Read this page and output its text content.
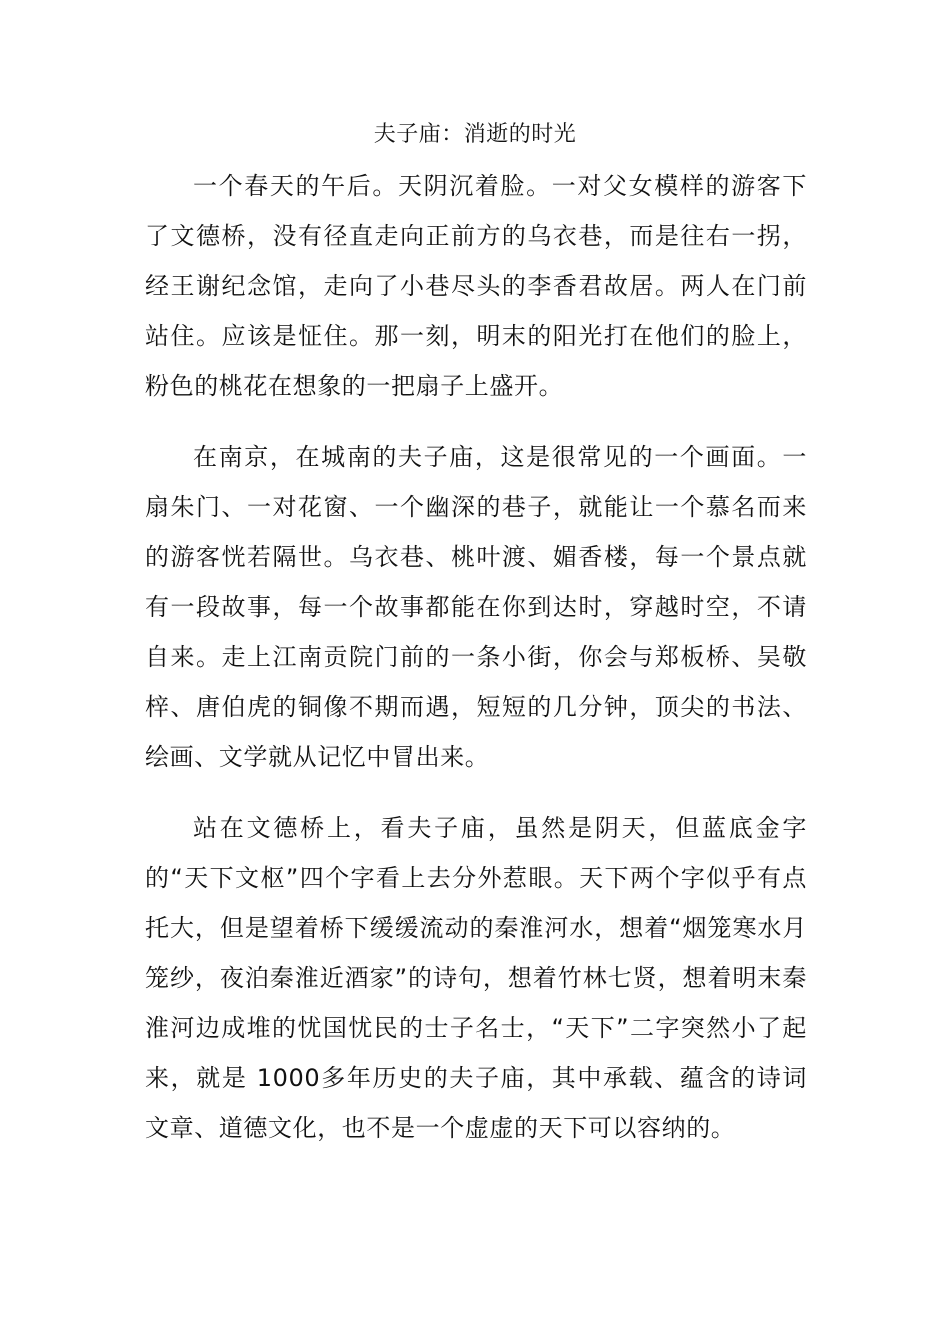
夫子庙：消逝的时光

一个春天的午后。天阴沉着脸。一对父女模样的游客下了文德桥，没有径直走向正前方的乌衣巷，而是往右一拐，经王谢纪念馆，走向了小巷尽头的李香君故居。两人在门前站住。应该是怔住。那一刻，明末的阳光打在他们的脸上，粉色的桃花在想象的一把扇子上盛开。

在南京，在城南的夫子庙，这是很常见的一个画面。一扇朱门、一对花窗、一个幽深的巷子，就能让一个慕名而来的游客恍若隔世。乌衣巷、桃叶渡、媚香楼，每一个景点就有一段故事，每一个故事都能在你到达时，穿越时空，不请自来。走上江南贡院门前的一条小街，你会与郑板桥、吴敬梓、唐伯虎的铜像不期而遇，短短的几分钟，顶尖的书法、绘画、文学就从记忆中冒出来。

站在文德桥上，看夫子庙，虽然是阴天，但蓝底金字的“天下文枢”四个字看上去分外惹眼。天下两个字似乎有点托大，但是望着桥下缓缓流动的秦淮河水，想着“烟笼寒水月笼纱，夜泊秦淮近酒家”的诗句，想着竹林七贤，想着明末秦淮河边成堆的忧国忧民的士子名士，“天下”二字突然小了起来，就是 1000多年历史的夫子庙，其中承载、蕴含的诗词文章、道德文化，也不是一个虚虚的天下可以容纳的。
